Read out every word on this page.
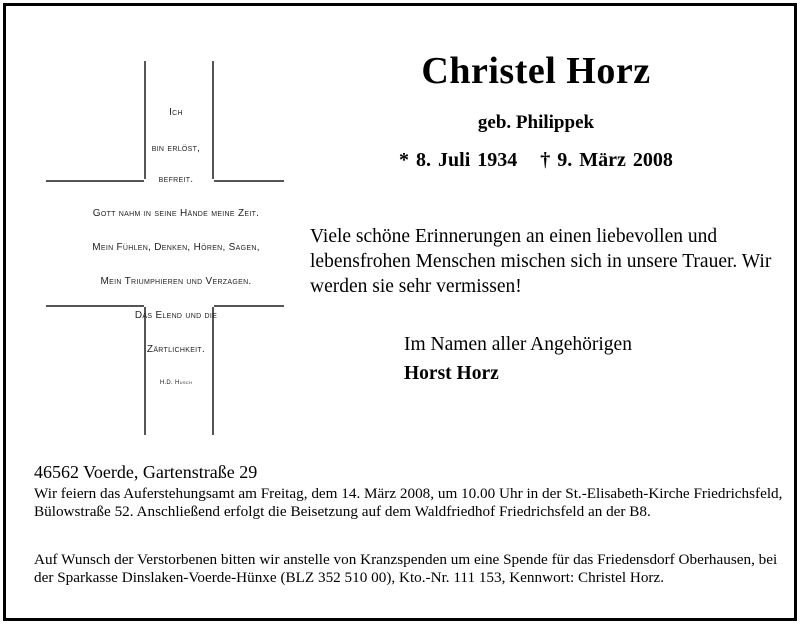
Ich
bin erlöst,
befreit.
Gott nahm in seine Hände meine Zeit.
Mein Fühlen, Denken, Hören, Sagen,
Mein Triumphieren und Verzagen.
Das Elend und die
Zärtlichkeit.
H.D. Hüsch
Christel Horz
geb. Philippek
* 8. Juli 1934 † 9. März 2008
Viele schöne Erinnerungen an einen liebevollen und lebensfrohen Menschen mischen sich in unsere Trauer. Wir werden sie sehr vermissen!
Im Namen aller Angehörigen
Horst Horz
46562 Voerde, Gartenstraße 29
Wir feiern das Auferstehungsamt am Freitag, dem 14. März 2008, um 10.00 Uhr in der St.-Elisabeth-Kirche Friedrichsfeld, Bülowstraße 52. Anschließend erfolgt die Beisetzung auf dem Waldfriedhof Friedrichsfeld an der B8.
Auf Wunsch der Verstorbenen bitten wir anstelle von Kranzspenden um eine Spende für das Friedensdorf Oberhausen, bei der Sparkasse Dinslaken-Voerde-Hünxe (BLZ 352 510 00), Kto.-Nr. 111 153, Kennwort: Christel Horz.
